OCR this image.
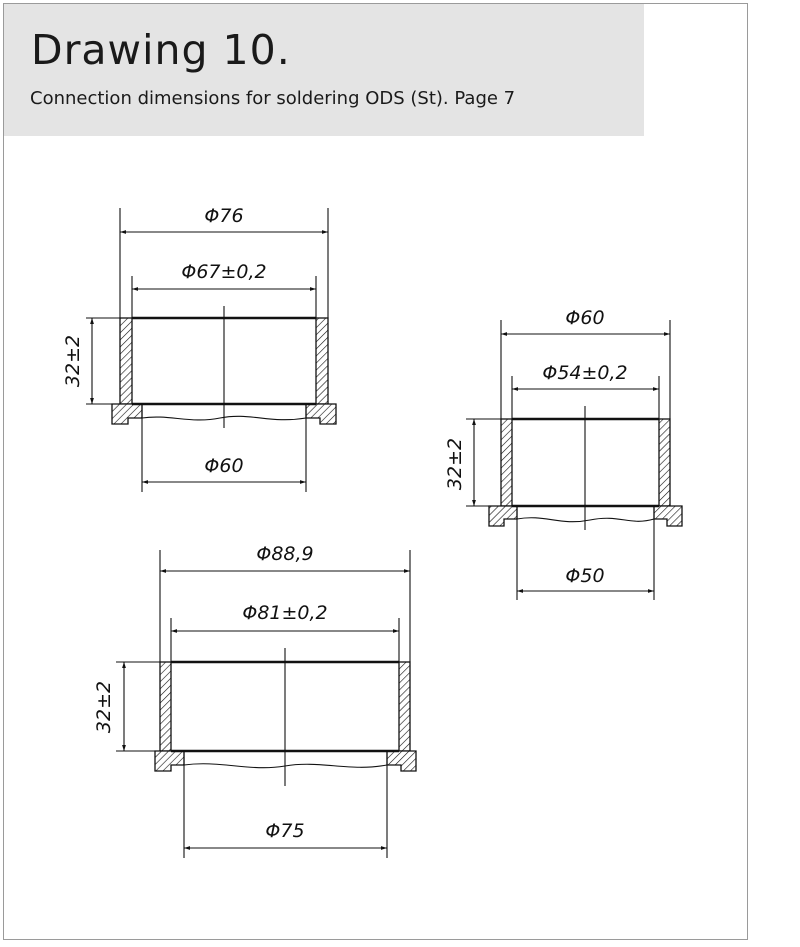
Drawing 10.
Connection dimensions for soldering ODS (St). Page 7
Φ76
Φ67±0,2
Φ60
32±2
Φ60
Φ54±0,2
Φ50
32±2
Φ88,9
Φ81±0,2
Φ75
32±2
